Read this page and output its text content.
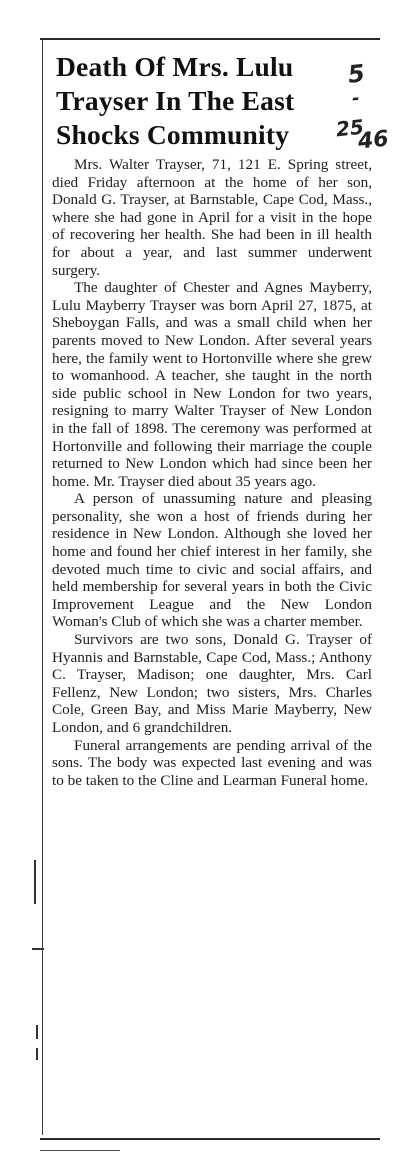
Death Of Mrs. Lulu
Trayser In The East
Shocks Community

Mrs. Walter Trayser, 71, 121 E. Spring street, died Friday afternoon at the home of her son, Donald G. Trayser, at Barnstable, Cape Cod, Mass., where she had gone in April for a visit in the hope of recovering her health. She had been in ill health for about a year, and last summer underwent surgery.

The daughter of Chester and Agnes Mayberry, Lulu Mayberry Trayser was born April 27, 1875, at Sheboygan Falls, and was a small child when her parents moved to New London. After several years here, the family went to Hortonville where she grew to womanhood. A teacher, she taught in the north side public school in New London for two years, resigning to marry Walter Trayser of New London in the fall of 1898. The ceremony was performed at Hortonville and following their marriage the couple returned to New London which had since been her home. Mr. Trayser died about 35 years ago.

A person of unassuming nature and pleasing personality, she won a host of friends during her residence in New London. Although she loved her home and found her chief interest in her family, she devoted much time to civic and social affairs, and held membership for several years in both the Civic Improvement League and the New London Woman's Club of which she was a charter member.

Survivors are two sons, Donald G. Trayser of Hyannis and Barnstable, Cape Cod, Mass.; Anthony C. Trayser, Madison; one daughter, Mrs. Carl Fellenz, New London; two sisters, Mrs. Charles Cole, Green Bay, and Miss Marie Mayberry, New London, and 6 grandchildren.

Funeral arrangements are pending arrival of the sons. The body was expected last evening and was to be taken to the Cline and Learman Funeral home.

5
-
25
46
